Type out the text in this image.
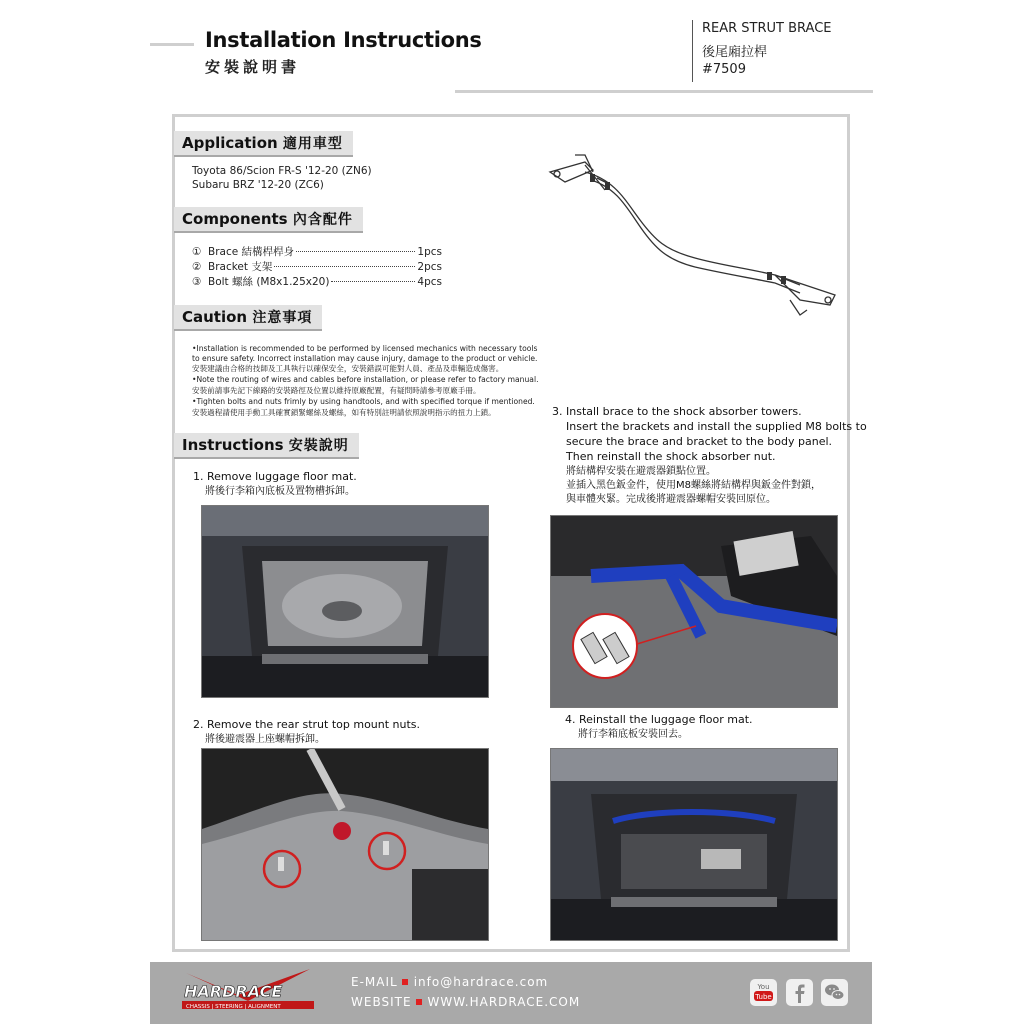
Installation Instructions
安裝說明書
REAR STRUT BRACE
後尾廂拉桿
#7509
Application 適用車型
Toyota 86/Scion FR-S '12-20 (ZN6)
Subaru BRZ '12-20 (ZC6)
Components 內含配件
① Brace 結構桿桿身	1pcs
② Bracket 支架	2pcs
③ Bolt 螺絲 (M8x1.25x20)	4pcs
Caution 注意事項
•Installation is recommended to be performed by licensed mechanics with necessary tools
to ensure safety. Incorrect installation may cause injury, damage to the product or vehicle.
安裝建議由合格的技師及工具執行以確保安全，安裝錯誤可能對人員、產品及車輛造成傷害。
•Note the routing of wires and cables before installation, or please refer to factory manual.
安裝前請事先記下線路的安裝路徑及位置以維持原廠配置，有疑問時請參考原廠手冊。
•Tighten bolts and nuts frimly by using handtools, and with specified torque if mentioned.
安裝過程請使用手動工具確實鎖緊螺絲及螺絲，如有特別註明請依照說明指示的扭力上鎖。
Instructions 安裝說明
1. Remove luggage floor mat.
將後行李箱內底板及置物槽拆卸。
2. Remove the rear strut top mount nuts.
將後避震器上座螺帽拆卸。
3. Install brace to the shock absorber towers.
Insert the brackets and install the supplied M8 bolts to
secure the brace and bracket to the body panel.
Then reinstall the shock absorber nut.
將結構桿安裝在避震器鎖點位置。
並插入黑色鈑金件，使用M8螺絲將結構桿與鈑金件對鎖，
與車體夾緊。完成後將避震器螺帽安裝回原位。
4. Reinstall the luggage floor mat.
將行李箱底板安裝回去。
HARDRACE
CHASSIS | STEERING | ALIGNMENT
E-MAIL info@hardrace.com
WEBSITE WWW.HARDRACE.COM
You
Tube
